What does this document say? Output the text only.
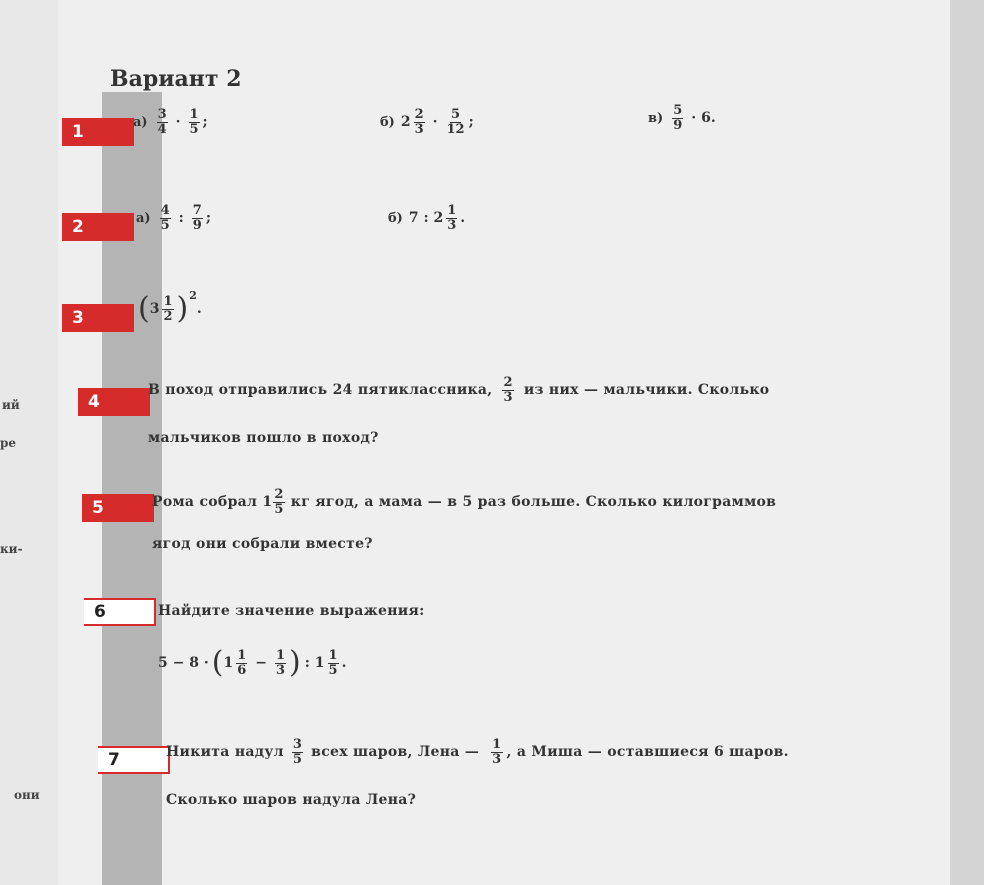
ий
ре
ки-
они
Вариант 2
1	$а) \frac{3}{4} \cdot \frac{1}{5}$ ;	б) $2 \frac{2}{3} \cdot \frac{5}{12}$ ;	$в) \frac{5}{9} \cdot 6$.
2	$а) \frac{4}{5}$ : $\frac{7}{9}$ ;	б) 7 : $2 \frac{1}{3}$ .
3	( $3 \frac{1}{2}$ ) 2
.
4
В поход отправились 24 пятиклассника, $\frac{2}{3}$ из них — мальчики. Сколько
мальчиков пошло в поход?
5	Рома собрал $1 \frac{2}{5}$ кг ягод, а мама — в 5 раз больше. Сколько килограммов
ягод они собрали вместе?
6	Найдите значение выражения:
5 − 8 · ( $1 \frac{1}{6} - \frac{1}{3}$ ) : $1 \frac{1}{5}$ .
7	Никита надул $\frac{3}{5}$ всех шаров, Лена — $\frac{1}{3}$ , а Миша — оставшиеся 6 шаров.
Сколько шаров надула Лена?
